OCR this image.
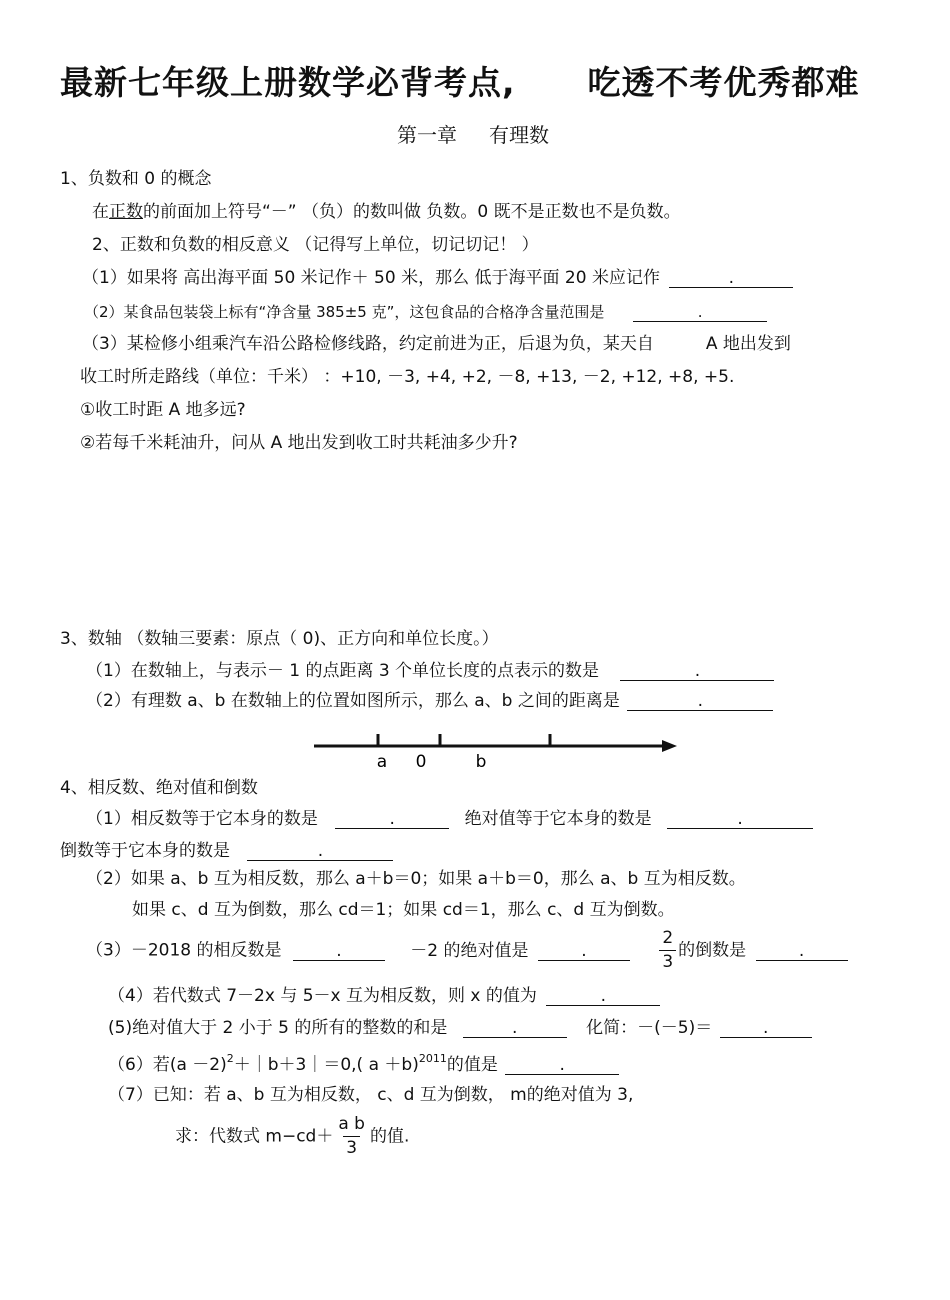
最新七年级上册数学必背考点, 吃透不考优秀都难
第一章 有理数
1、负数和 0 的概念
在正数的前面加上符号“－” （负）的数叫做 负数。0 既不是正数也不是负数。
2、正数和负数的相反意义 （记得写上单位，切记切记！ ）
（1）如果将 高出海平面 50 米记作＋ 50 米，那么 低于海平面 20 米应记作	.
（2）某食品包装袋上标有“净含量 385±5 克”，这包食品的合格净含量范围是	.
（3）某检修小组乘汽车沿公路检修线路，约定前进为正，后退为负，某天自	A 地出发到
收工时所走路线（单位：千米） ：+10, －3, +4, +2, －8, +13, －2, +12, +8, +5.
①收工时距 A 地多远?
②若每千米耗油升，问从 A 地出发到收工时共耗油多少升?
3、数轴 （数轴三要素：原点（ 0)、正方向和单位长度。）
（1）在数轴上，与表示－ 1 的点距离 3 个单位长度的点表示的数是	.
（2）有理数 a、b 在数轴上的位置如图所示，那么 a、b 之间的距离是	.
a 0	b
4、相反数、绝对值和倒数
（1）相反数等于它本身的数是	.	绝对值等于它本身的数是	.
倒数等于它本身的数是	.
（2）如果 a、b 互为相反数，那么 a＋b＝0；如果 a＋b＝0，那么 a、b 互为相反数。
如果 c、d 互为倒数，那么 cd＝1；如果 cd＝1，那么 c、d 互为倒数。
（3）－2018 的相反数是	.	－2 的绝对值是	.	$\frac{2}{3}$ 的倒数是	.
（4）若代数式 7－2x 与 5－x 互为相反数，则 x 的值为	.
(5)绝对值大于 2 小于 5 的所有的整数的和是	.	化简：－(－5)＝	.
（6）若$(a -2)^2+|b+3|=0$,( a ＋b)$^{2011}$的值是	.
（7）已知：若 a、b 互为相反数， c、d 互为倒数， m的绝对值为 3,
求：代数式 $m-cd+ \frac{\text{a b}}{3}$ 的值.
